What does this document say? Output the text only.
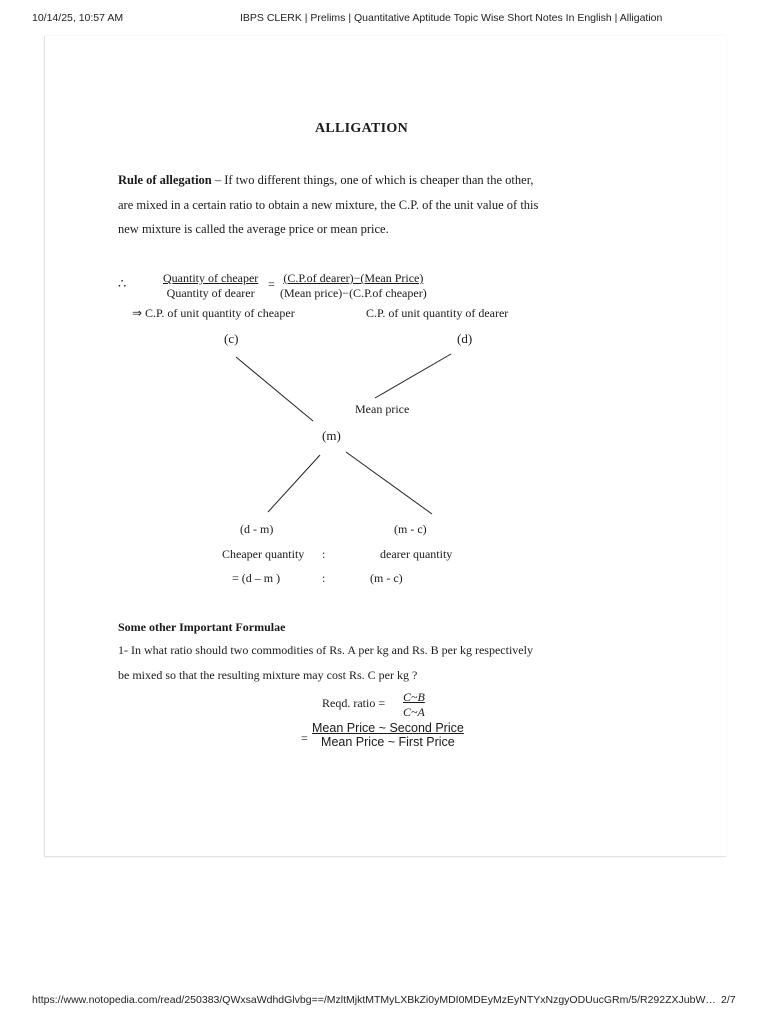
10/14/25, 10:57 AM	IBPS CLERK | Prelims | Quantitative Aptitude Topic Wise Short Notes In English | Alligation
ALLIGATION
Rule of allegation – If two different things, one of which is cheaper than the other,
are mixed in a certain ratio to obtain a new mixture, the C.P. of the unit value of this
new mixture is called the average price or mean price.
∴	Quantity of cheaper
Quantity of dearer
= (C.P.of dearer)−(Mean Price)
(Mean price)−(C.P.of cheaper)
⇒ C.P. of unit quantity of cheaper	C.P. of unit quantity of dearer
(c)	(d)
Mean price
(m)
(d - m)	(m - c)
Cheaper quantity :	dearer quantity
= (d – m )	:	(m - c)
Some other Important Formulae
1- In what ratio should two commodities of Rs. A per kg and Rs. B per kg respectively
be mixed so that the resulting mixture may cost Rs. C per kg ?
Reqd. ratio = $\frac{C\sim B}{C\sim A}$
=
Mean Price ~ Second Price
Mean Price ~ First Price
https://www.notopedia.com/read/250383/QWxsaWdhdGlvbg==/MzltMjktMTMyLXBkZi0yMDI0MDEyMzEyNTYxNzgyODUucGRm/5/R292ZXJubW… 2/7
